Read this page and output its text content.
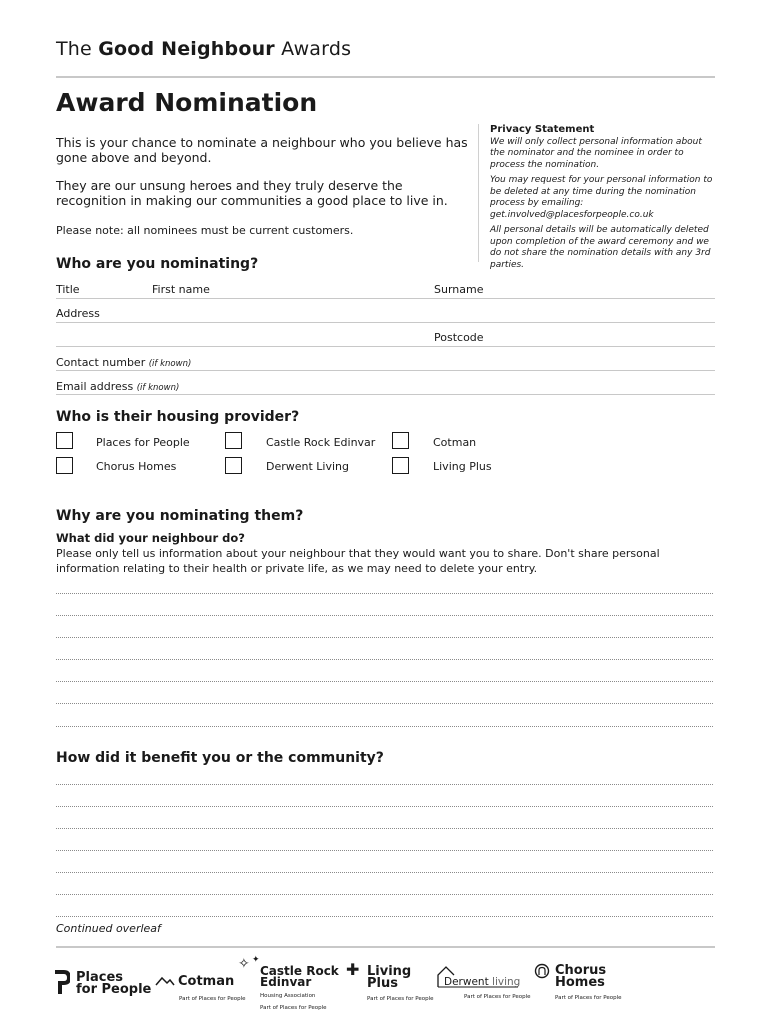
The Good Neighbour Awards
Award Nomination
This is your chance to nominate a neighbour who you believe has gone above and beyond.
They are our unsung heroes and they truly deserve the recognition in making our communities a good place to live in.
Please note: all nominees must be current customers.
Privacy Statement

We will only collect personal information about the nominator and the nominee in order to process the nomination.

You may request for your personal information to be deleted at any time during the nomination process by emailing: get.involved@placesforpeople.co.uk

All personal details will be automatically deleted upon completion of the award ceremony and we do not share the nomination details with any 3rd parties.

Who are you nominating?
Title	First name	Surname
Address
Postcode
Contact number (if known)
Email address (if known)
Who is their housing provider?
Places for People	Castle Rock Edinvar	Cotman
Chorus Homes	Derwent Living	Living Plus
Why are you nominating them?
What did your neighbour do?
Please only tell us information about your neighbour that they would want you to share. Don't share personal information relating to their health or private life, as we may need to delete your entry.
How did it benefit you or the community?
Continued overleaf
Places
for People
Cotman
Part of Places for People
✧ ✦
Castle Rock
Edinvar
Housing Association
Part of Places for People
✚ Living
Plus
Part of Places for People
Derwent living
Part of Places for People
Chorus
Homes
Part of Places for People
